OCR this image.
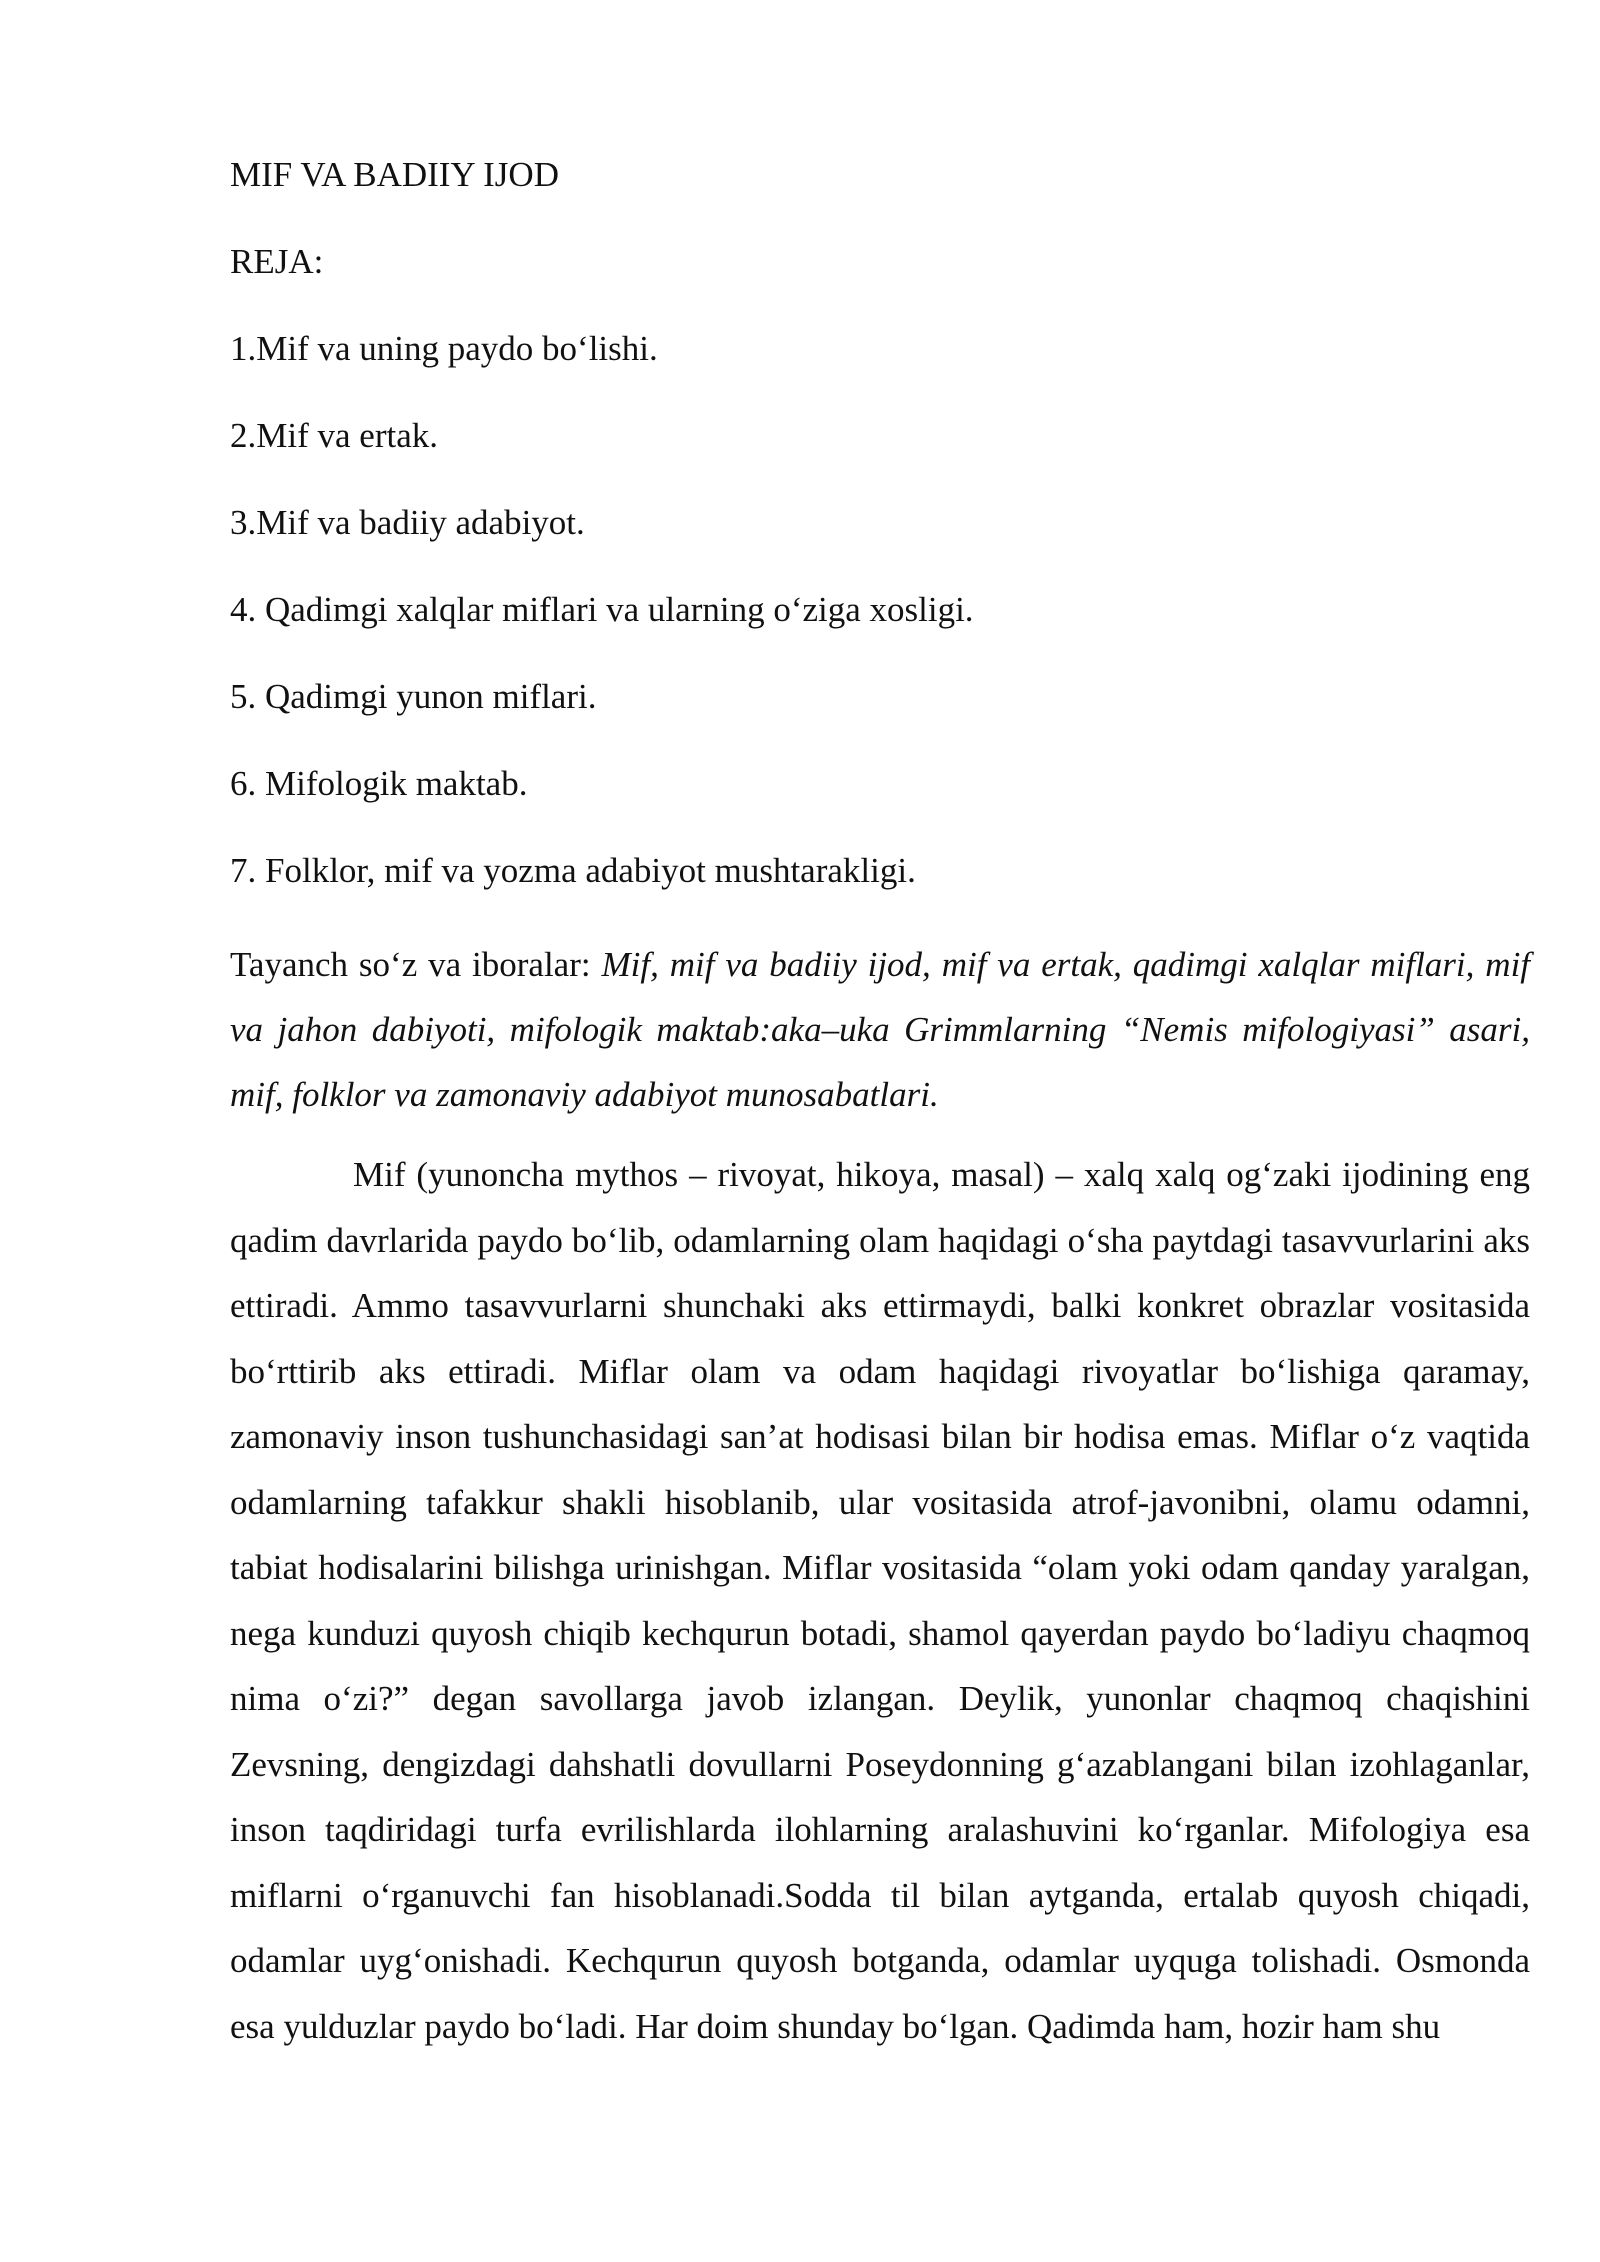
MIF VA BADIIY IJOD
REJA:
1.Mif va uning paydo bo‘lishi.
2.Mif va ertak.
3.Mif va badiiy adabiyot.
4. Qadimgi xalqlar miflari va ularning o‘ziga xosligi.
5. Qadimgi yunon miflari.
6. Mifologik maktab.
7. Folklor, mif va yozma adabiyot mushtarakligi.
Tayanch so‘z va iboralar: Mif, mif va badiiy ijod, mif va ertak, qadimgi xalqlar miflari, mif va jahon dabiyoti, mifologik maktab:aka–uka Grimmlarning “Nemis mifologiyasi” asari, mif, folklor va zamonaviy adabiyot munosabatlari.

Mif (yunoncha mythos – rivoyat, hikoya, masal) – xalq xalq og‘zaki ijodining eng qadim davrlarida paydo bo‘lib, odamlarning olam haqidagi o‘sha paytdagi tasavvurlarini aks ettiradi. Ammo tasavvurlarni shunchaki aks ettirmaydi, balki konkret obrazlar vositasida bo‘rttirib aks ettiradi. Miflar olam va odam haqidagi rivoyatlar bo‘lishiga qaramay, zamonaviy inson tushunchasidagi san’at hodisasi bilan bir hodisa emas. Miflar o‘z vaqtida odamlarning tafakkur shakli hisoblanib, ular vositasida atrof-javonibni, olamu odamni, tabiat hodisalarini bilishga urinishgan. Miflar vositasida “olam yoki odam qanday yaralgan, nega kunduzi quyosh chiqib kechqurun botadi, shamol qayerdan paydo bo‘ladiyu chaqmoq nima o‘zi?” degan savollarga javob izlangan. Deylik, yunonlar chaqmoq chaqishini Zevsning, dengizdagi dahshatli dovullarni Poseydonning g‘azablangani bilan izohlaganlar, inson taqdiridagi turfa evrilishlarda ilohlarning aralashuvini ko‘rganlar. Mifologiya esa miflarni o‘rganuvchi fan hisoblanadi.Sodda til bilan aytganda, ertalab quyosh chiqadi, odamlar uyg‘onishadi. Kechqurun quyosh botganda, odamlar uyquga tolishadi. Osmonda esa yulduzlar paydo bo‘ladi. Har doim shunday bo‘lgan. Qadimda ham, hozir ham shu
